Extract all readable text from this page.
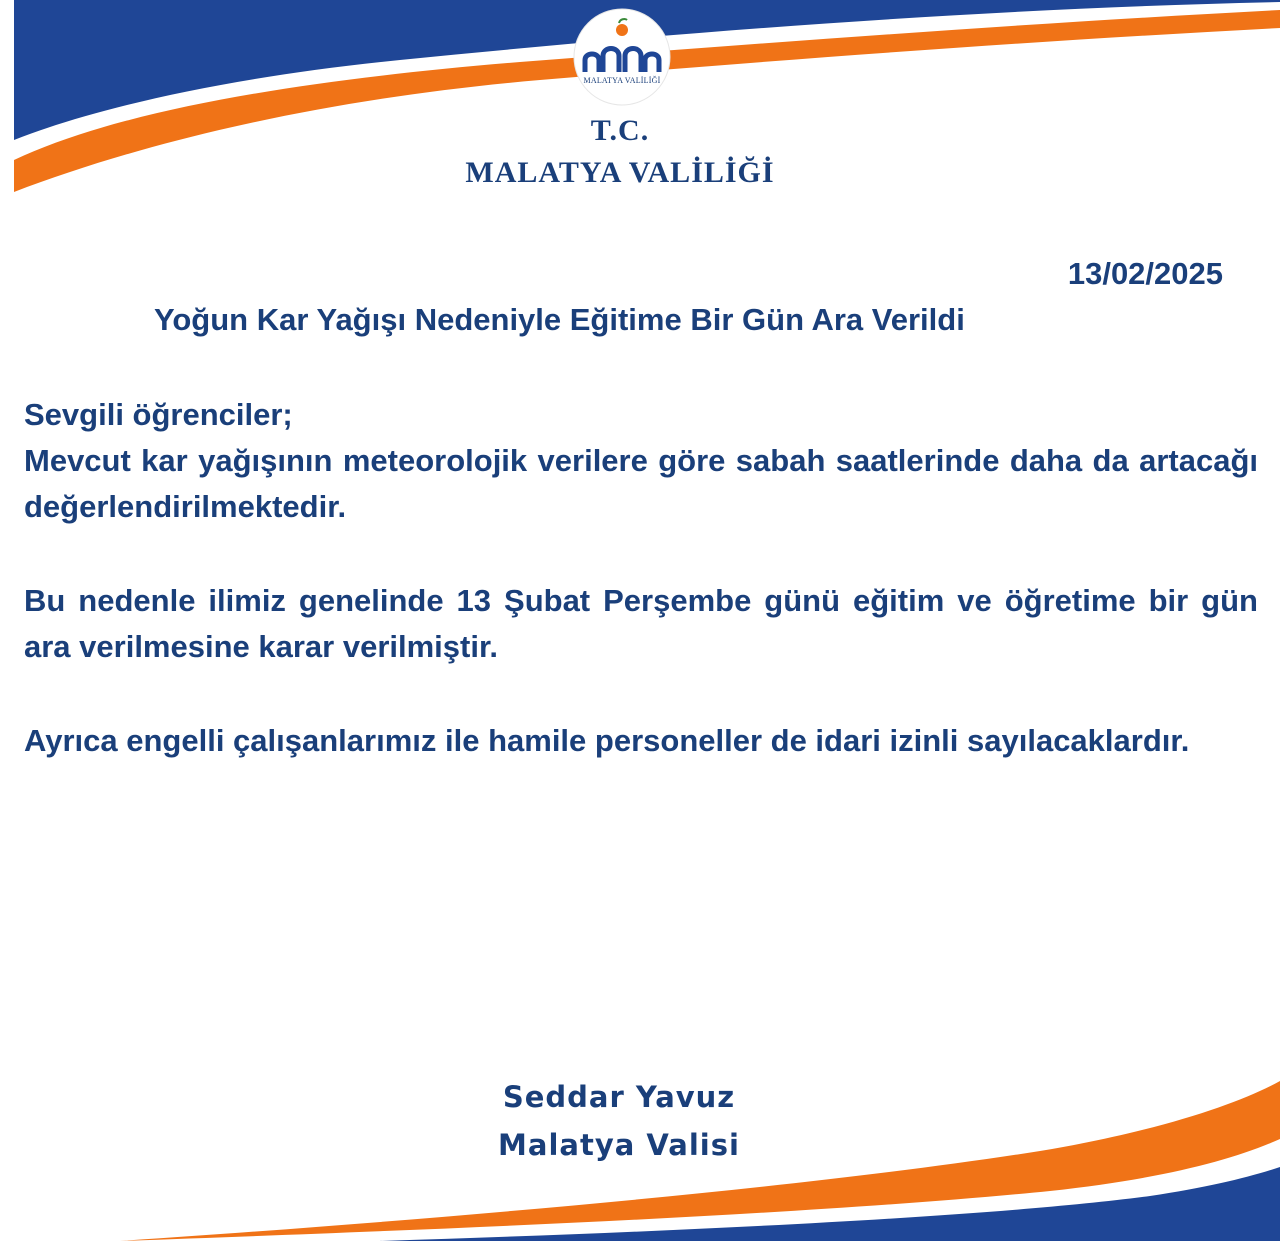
MALATYA VALİLİĞİ
T.C.
MALATYA VALİLİĞİ
13/02/2025
Yoğun Kar Yağışı Nedeniyle Eğitime Bir Gün Ara Verildi
Sevgili öğrenciler;
Mevcut kar yağışının meteorolojik verilere göre sabah saatlerinde daha da artacağı değerlendirilmektedir.
Bu nedenle ilimiz genelinde 13 Şubat Perşembe günü eğitim ve öğretime bir gün ara verilmesine karar verilmiştir.
Ayrıca engelli çalışanlarımız ile hamile personeller de idari izinli sayılacaklardır.
Seddar Yavuz
Malatya Valisi
